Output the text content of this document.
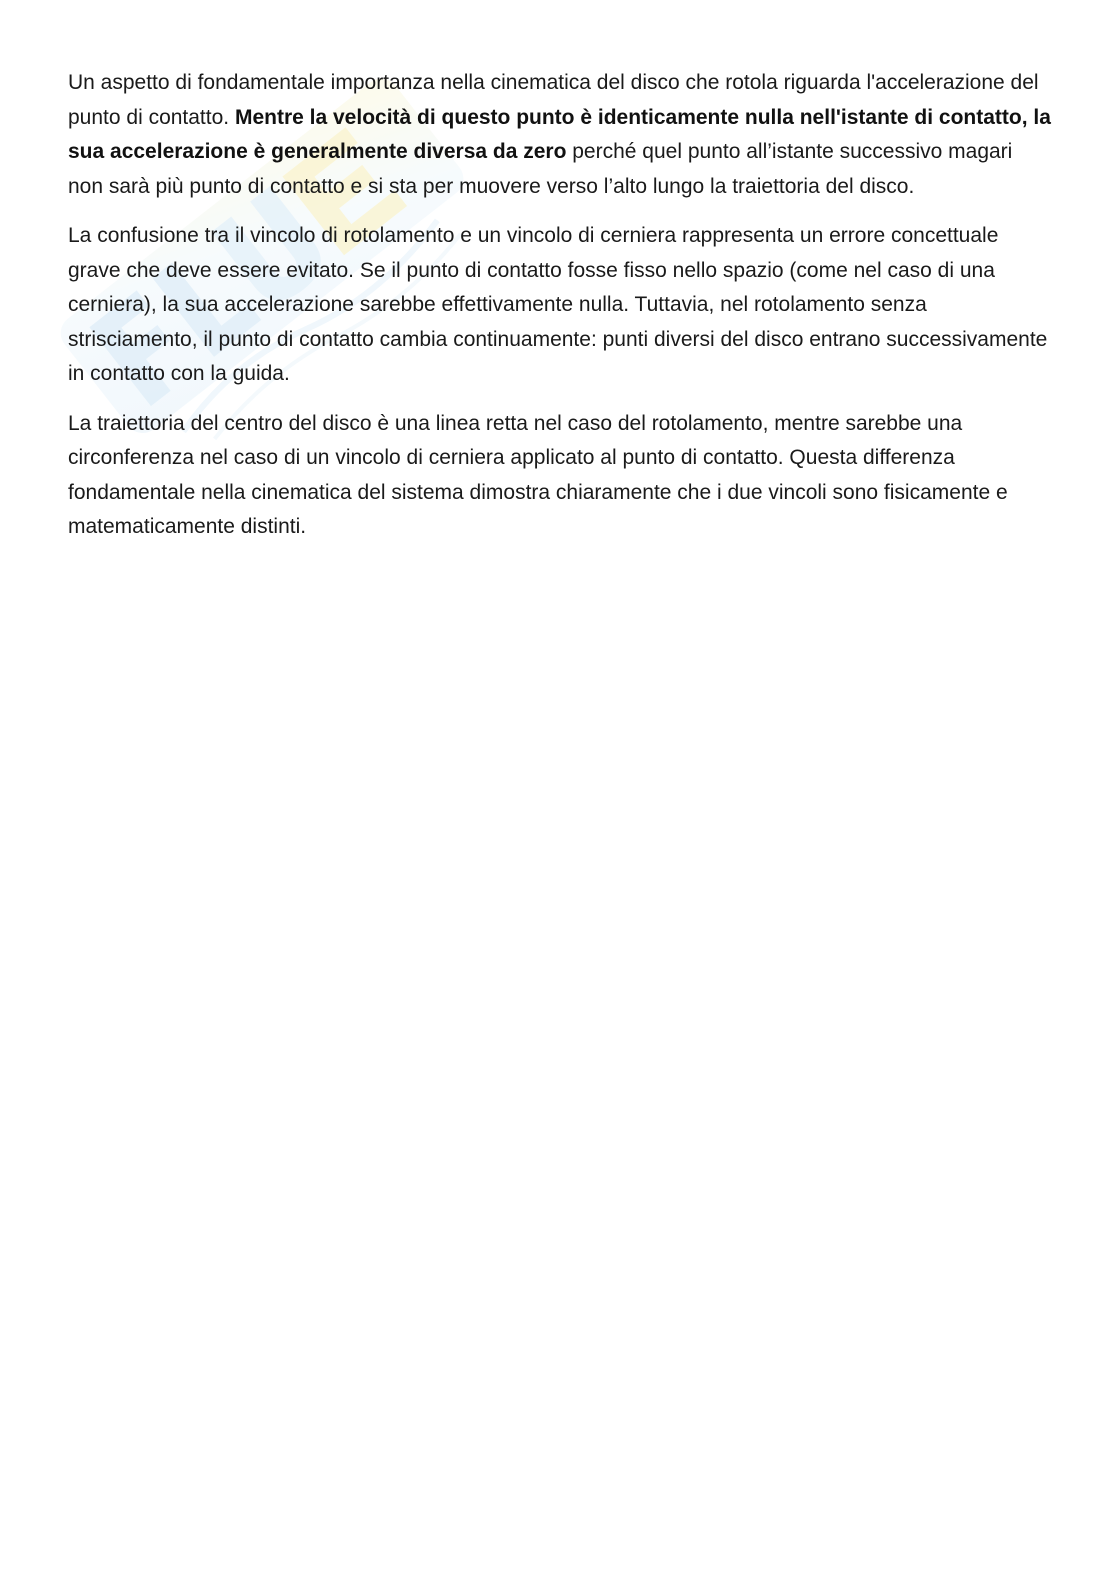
Un aspetto di fondamentale importanza nella cinematica del disco che rotola riguarda l'accelerazione del punto di contatto. Mentre la velocità di questo punto è identicamente nulla nell'istante di contatto, la sua accelerazione è generalmente diversa da zero perché quel punto all’istante successivo magari non sarà più punto di contatto e si sta per muovere verso l’alto lungo la traiettoria del disco.

La confusione tra il vincolo di rotolamento e un vincolo di cerniera rappresenta un errore concettuale grave che deve essere evitato. Se il punto di contatto fosse fisso nello spazio (come nel caso di una cerniera), la sua accelerazione sarebbe effettivamente nulla. Tuttavia, nel rotolamento senza strisciamento, il punto di contatto cambia continuamente: punti diversi del disco entrano successivamente in contatto con la guida.

La traiettoria del centro del disco è una linea retta nel caso del rotolamento, mentre sarebbe una circonferenza nel caso di un vincolo di cerniera applicato al punto di contatto. Questa differenza fondamentale nella cinematica del sistema dimostra chiaramente che i due vincoli sono fisicamente e matematicamente distinti.
